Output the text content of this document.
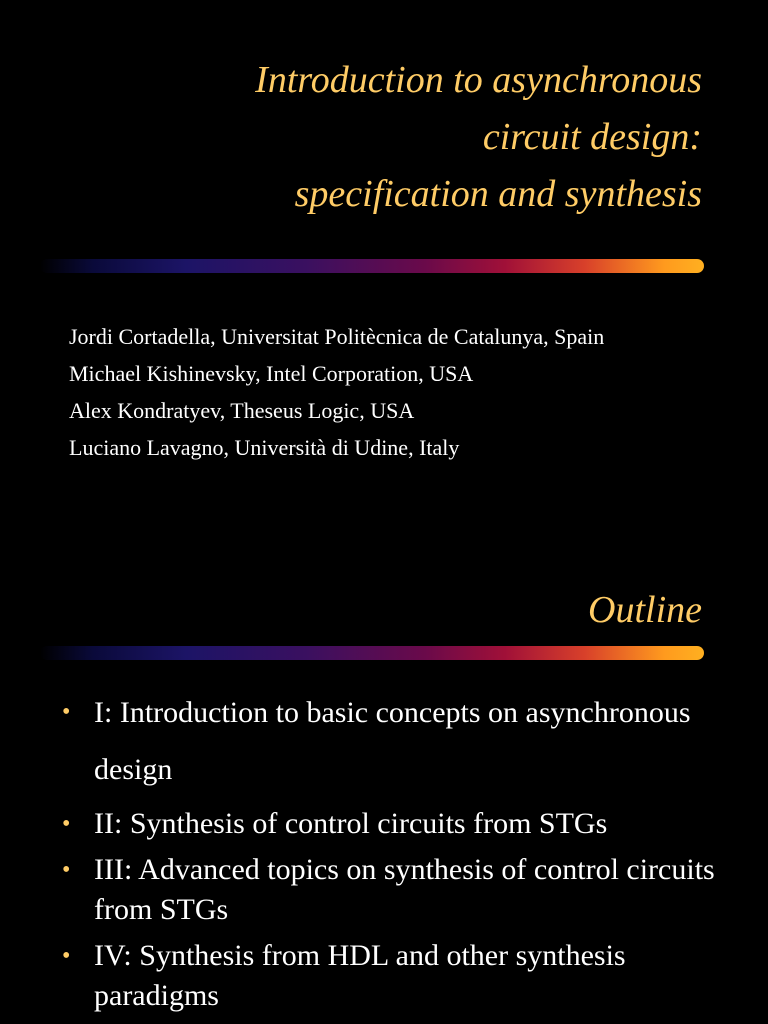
Introduction to asynchronous
circuit design:
specification and synthesis
Jordi Cortadella, Universitat Politècnica de Catalunya, Spain
Michael Kishinevsky, Intel Corporation, USA
Alex Kondratyev, Theseus Logic, USA
Luciano Lavagno, Università di Udine, Italy
Outline
• I: Introduction to basic concepts on asynchronous design
• II: Synthesis of control circuits from STGs
• III: Advanced topics on synthesis of control circuits from STGs
• IV: Synthesis from HDL and other synthesis paradigms
